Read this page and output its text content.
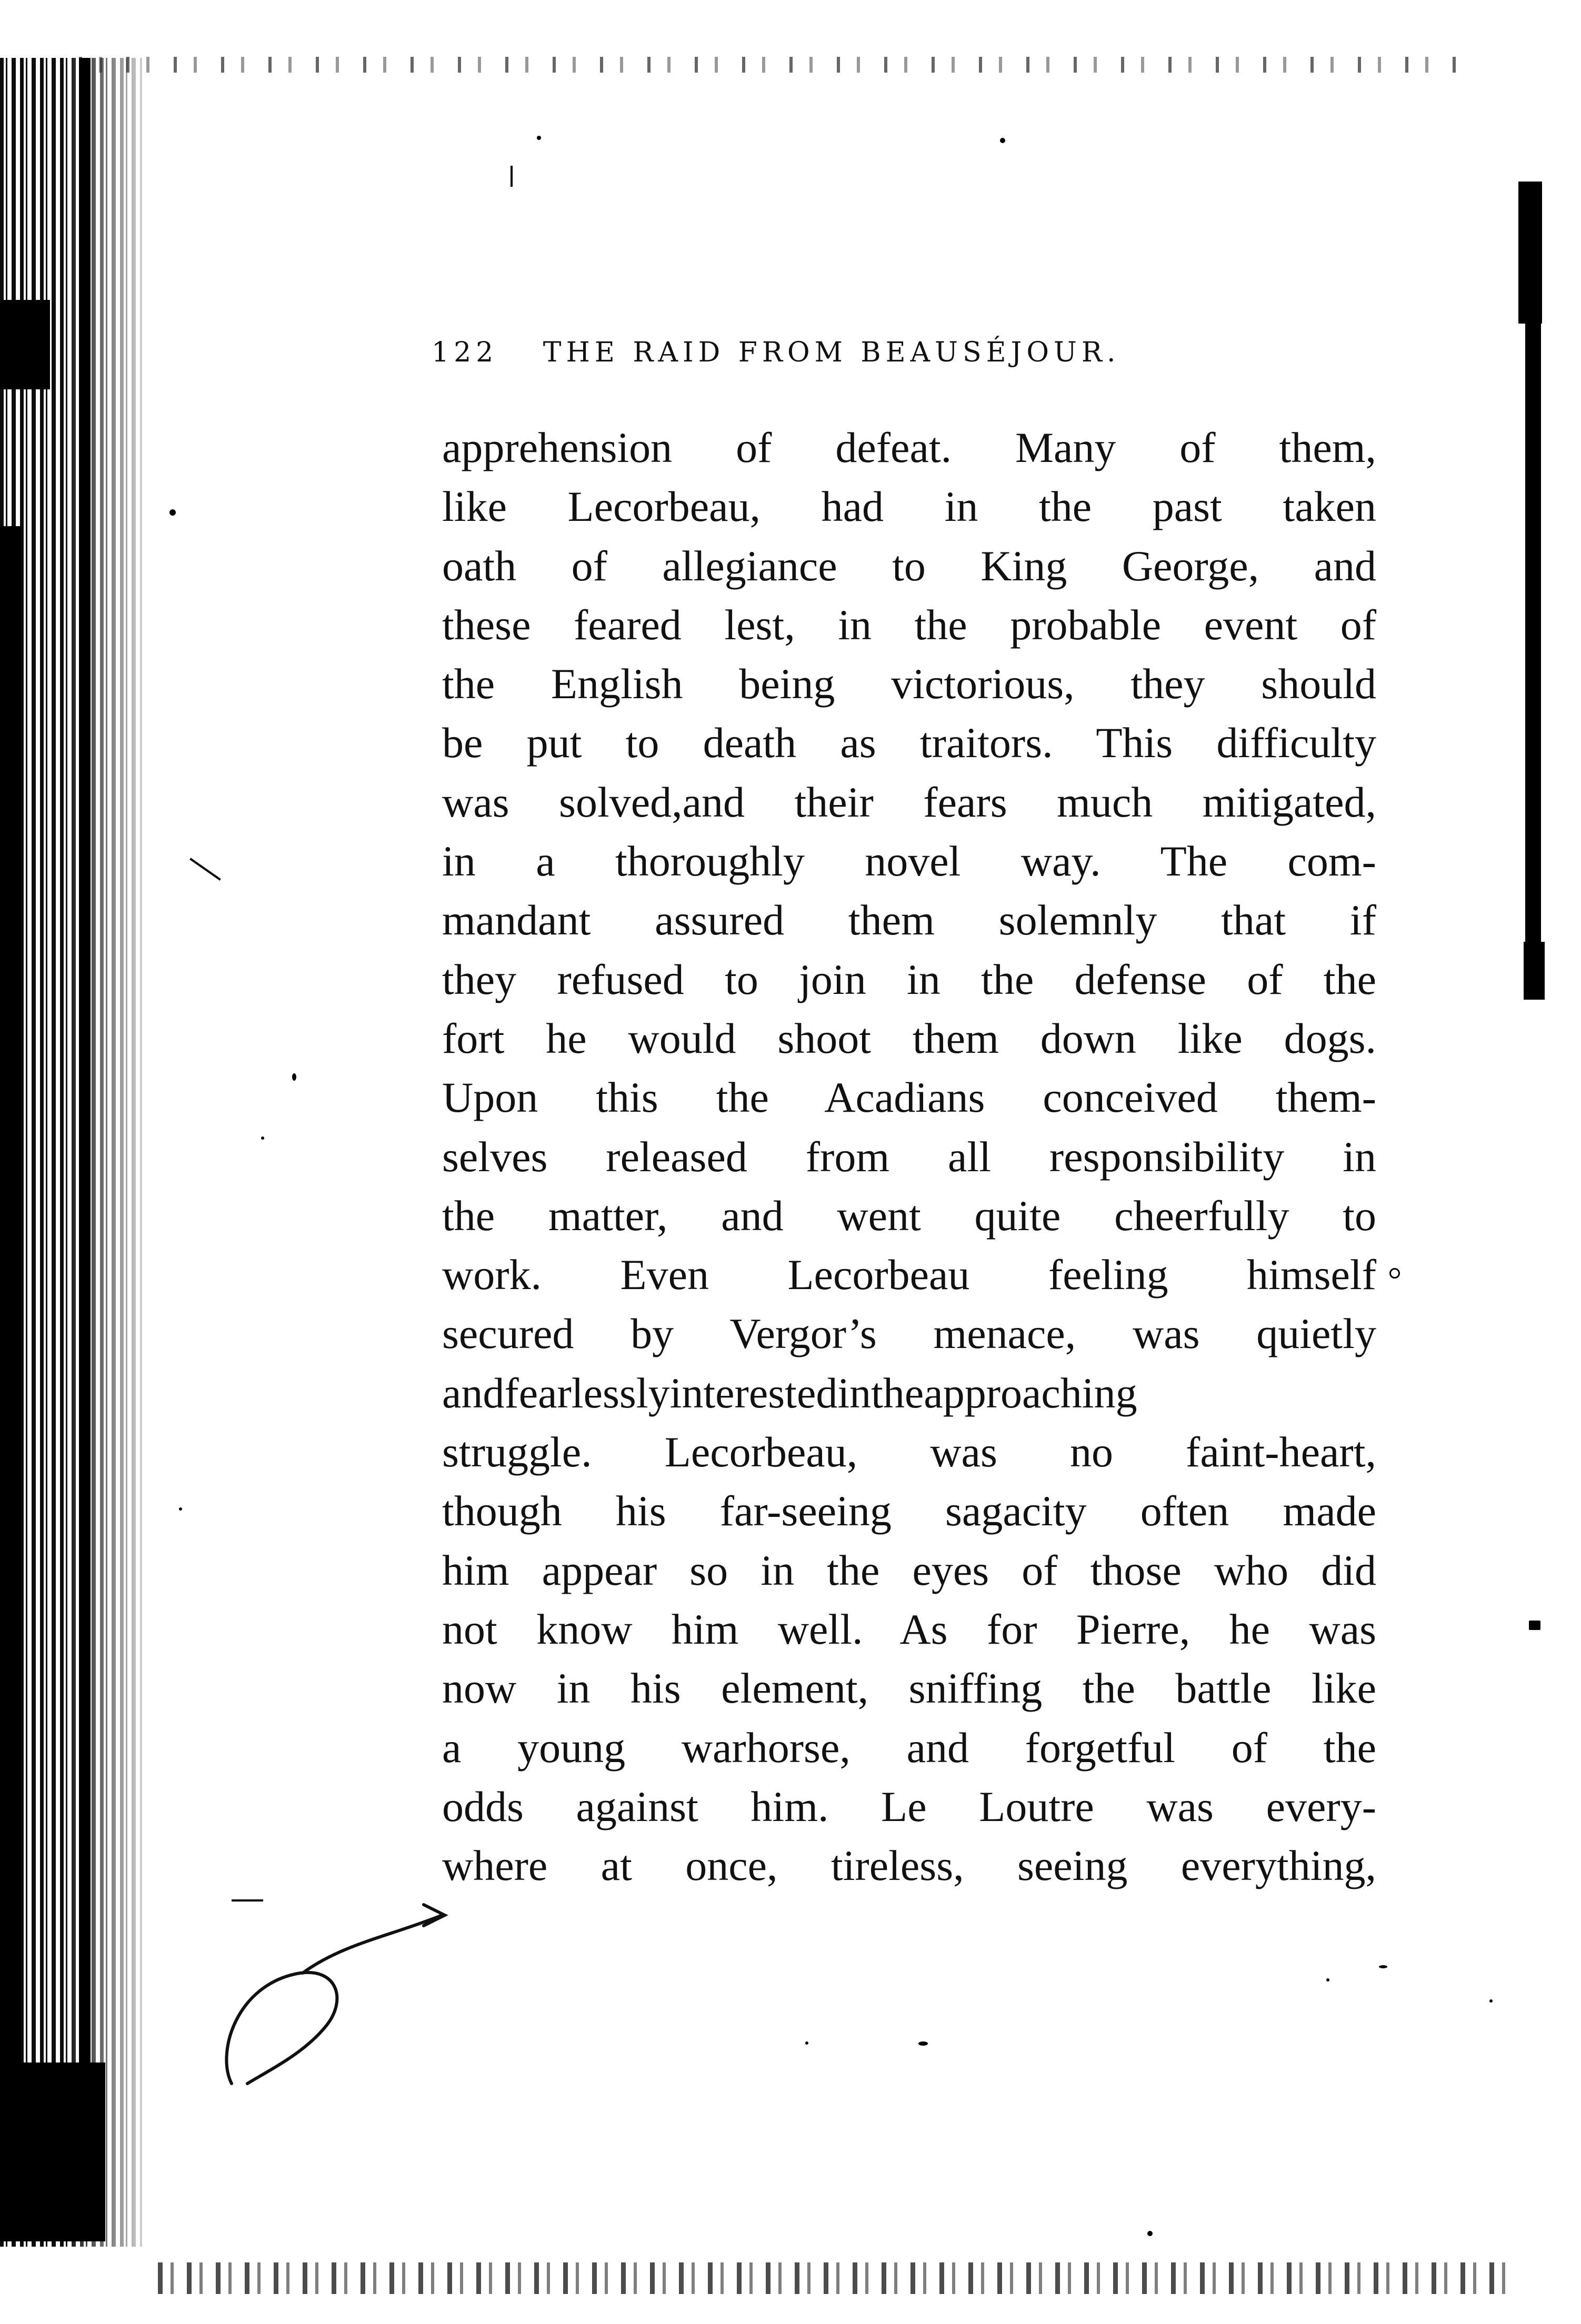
122 THE RAID FROM BEAUSÉJOUR.
apprehension of defeat. Many of them,
like Lecorbeau, had in the past taken
oath of allegiance to King George, and
these feared lest, in the probable event of
the English being victorious, they should
be put to death as traitors. This difficulty
was solved,and their fears much mitigated,
in a thoroughly novel way. The com-
mandant assured them solemnly that if
they refused to join in the defense of the
fort he would shoot them down like dogs.
Upon this the Acadians conceived them-
selves released from all responsibility in
the matter, and went quite cheerfully to
work. Even Lecorbeau feeling himself
secured by Vergor’s menace, was quietly
andfearlesslyinterestedintheapproaching
struggle. Lecorbeau, was no faint-heart,
though his far-seeing sagacity often made
him appear so in the eyes of those who did
not know him well. As for Pierre, he was
now in his element, sniffing the battle like
a young warhorse, and forgetful of the
odds against him. Le Loutre was every-
where at once, tireless, seeing everything,
